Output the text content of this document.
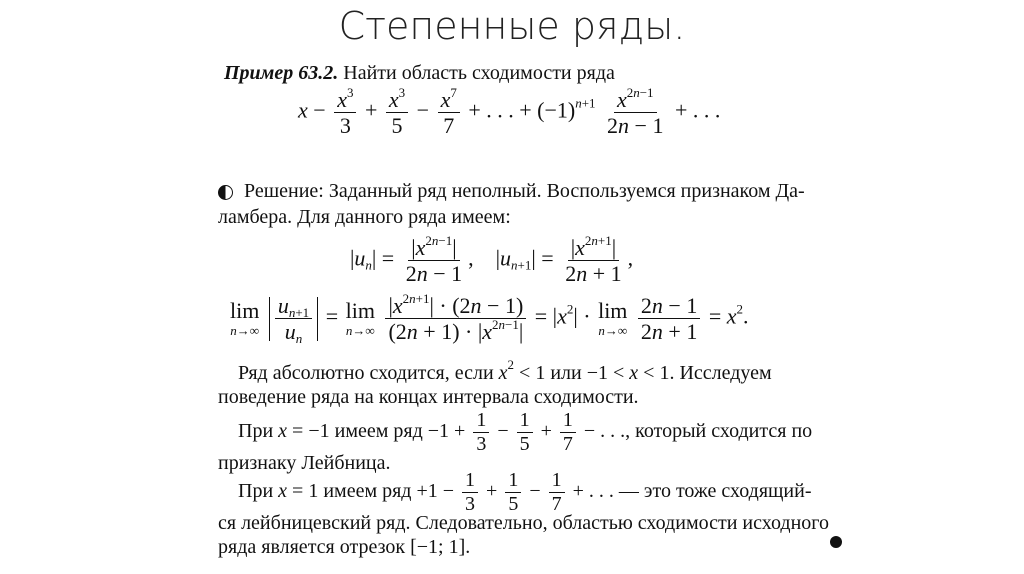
Степенные ряды.
Пример 63.2. Найти область сходимости ряда
$x - \frac{x^3}{3} + \frac{x^3}{5} - \frac{x^7}{7}$ + . . . + $(-1)^{n+1} \frac{x^{2n-1}}{2n - 1}$ + . . .
Решение: Заданный ряд неполный. Воспользуемся признаком Да-
ламбера. Для данного ряда имеем:
$|u_n| = \frac{|x^{2n-1}|}{2n - 1}$ ,    $|u_{n+1}| = \frac{|x^{2n+1}|}{2n + 1}$ ,
lim
n→∞
$\frac{u_{n+1}}{u_n} = \lim$
n→∞
$\frac{|x^{2n+1}| \cdot (2n - 1)}{(2n + 1) \cdot |x^{2n-1}|} = |x^2| \cdot \lim$
n→∞
$\frac{2n - 1}{2n + 1} = x^2$.
Ряд абсолютно сходится, если $x^2 < 1$ или −1 < x < 1. Исследуем
поведение ряда на концах интервала сходимости.
При x = −1 имеем ряд $-1 + \frac{1}{3} - \frac{1}{5} + \frac{1}{7}$ − . . ., который сходится по
признаку Лейбница.
При x = 1 имеем ряд $+1 - \frac{1}{3} + \frac{1}{5} - \frac{1}{7}$ + . . . — это тоже сходящий-
ся лейбницевский ряд. Следовательно, областью сходимости исходного
ряда является отрезок [−1; 1].
